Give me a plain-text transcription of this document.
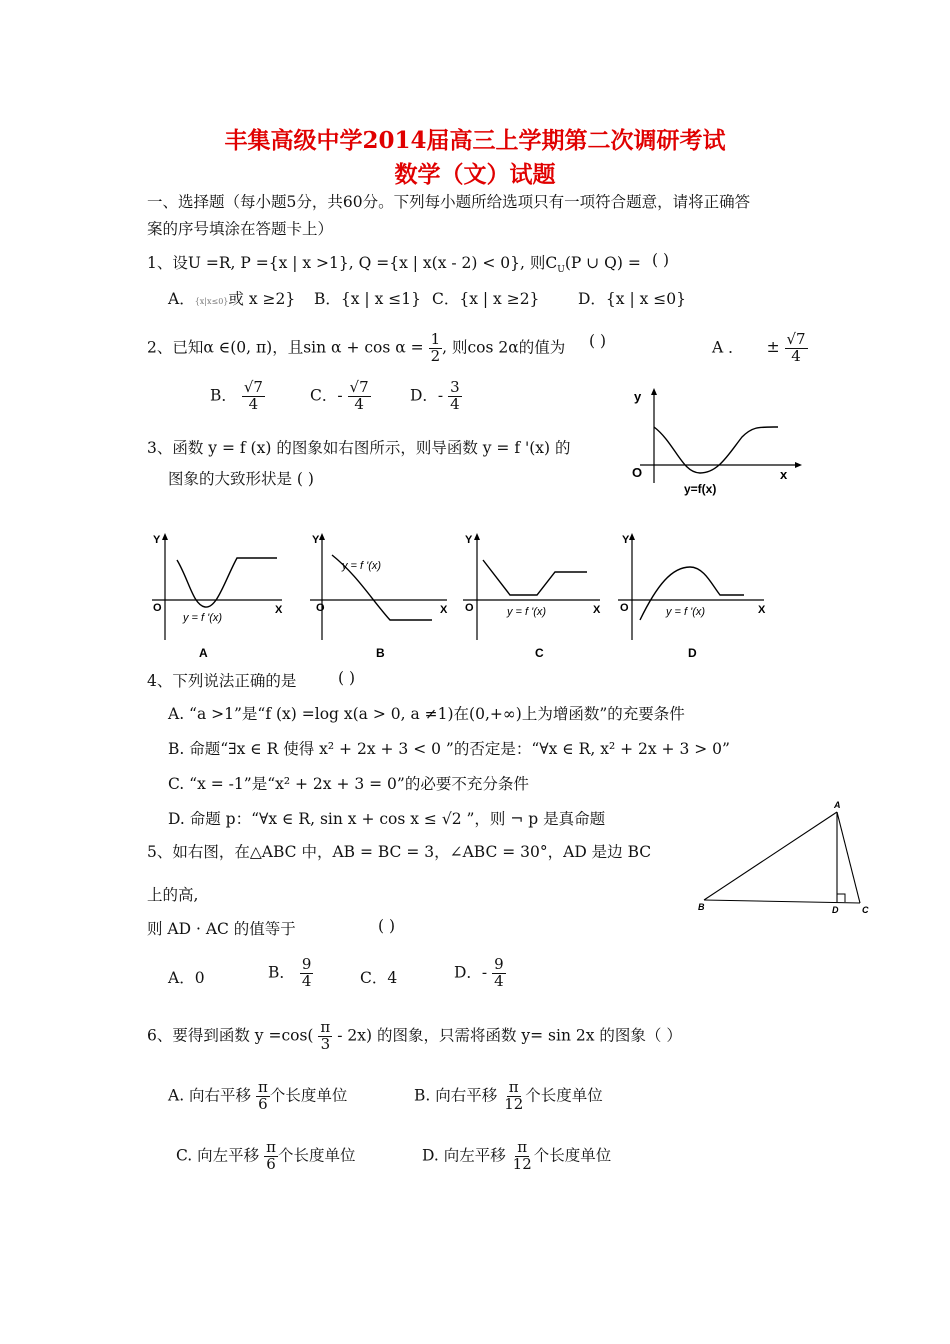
丰集高级中学2014届高三上学期第二次调研考试
数学（文）试题
一、选择题（每小题5分，共60分。下列每小题所给选项只有一项符合题意，请将正确答
案的序号填涂在答题卡上）
1、设U =R, P ={x | x >1}, Q ={x | x(x - 2) < 0}, 则$C_U(P$ ∪ Q) = ( )
A．{x|x≤0}或 x ≥2} B．{x | x ≤1} C．{x | x ≥2} D．{x | x ≤0}
2、已知α ∈(0, π)，且$\sin \alpha + \cos \alpha = \frac{1}{2}$ , 则cos 2α的值为 ( )	A ． ± $\frac{√7}{4}$
B． $\frac{√7}{4}$	C．- $\frac{√7}{4}$	D．- $\frac{3}{4}$
3、函数 y = f (x) 的图象如右图所示，则导函数 y = f '(x) 的
图象的大致形状是 ( )
y
O	x
y=f(x)
Y
O	X
y = f '(x)
A
Y
O	X
y = f '(x)
B
Y
O	X
y = f '(x)
C
Y
O	X
y = f '(x)
D
4、下列说法正确的是	( )
A. “a >1”是“f (x) =log x(a > 0, a ≠1)在(0,+∞)上为增函数”的充要条件
B. 命题“∃x ∈ R 使得 x² + 2x + 3 < 0 ”的否定是：“∀x ∈ R, x² + 2x + 3 > 0”
C. “x = -1”是“x² + 2x + 3 = 0”的必要不充分条件
D. 命题 p：“∀x ∈ R, sin x + cos x ≤ √2 ”，则 ¬ p 是真命题
5、如右图，在△ABC 中，AB = BC = 3，∠ABC = 30°，AD 是边 BC
上的高,
则 AD · AC 的值等于	( )
A
B	D	C
A．0	B． $\frac{9}{4}$	C．4	D．- $\frac{9}{4}$
6、要得到函数 $y =\cos( \frac{\pi}{3} - 2x)$ 的图象，只需将函数 y= sin 2x 的图象（ ）
A. 向右平移 $\frac{\pi}{6}$ 个长度单位	B. 向右平移 $\frac{\pi}{12}$ 个长度单位
C. 向左平移 $\frac{\pi}{6}$ 个长度单位	D. 向左平移 $\frac{\pi}{12}$ 个长度单位
